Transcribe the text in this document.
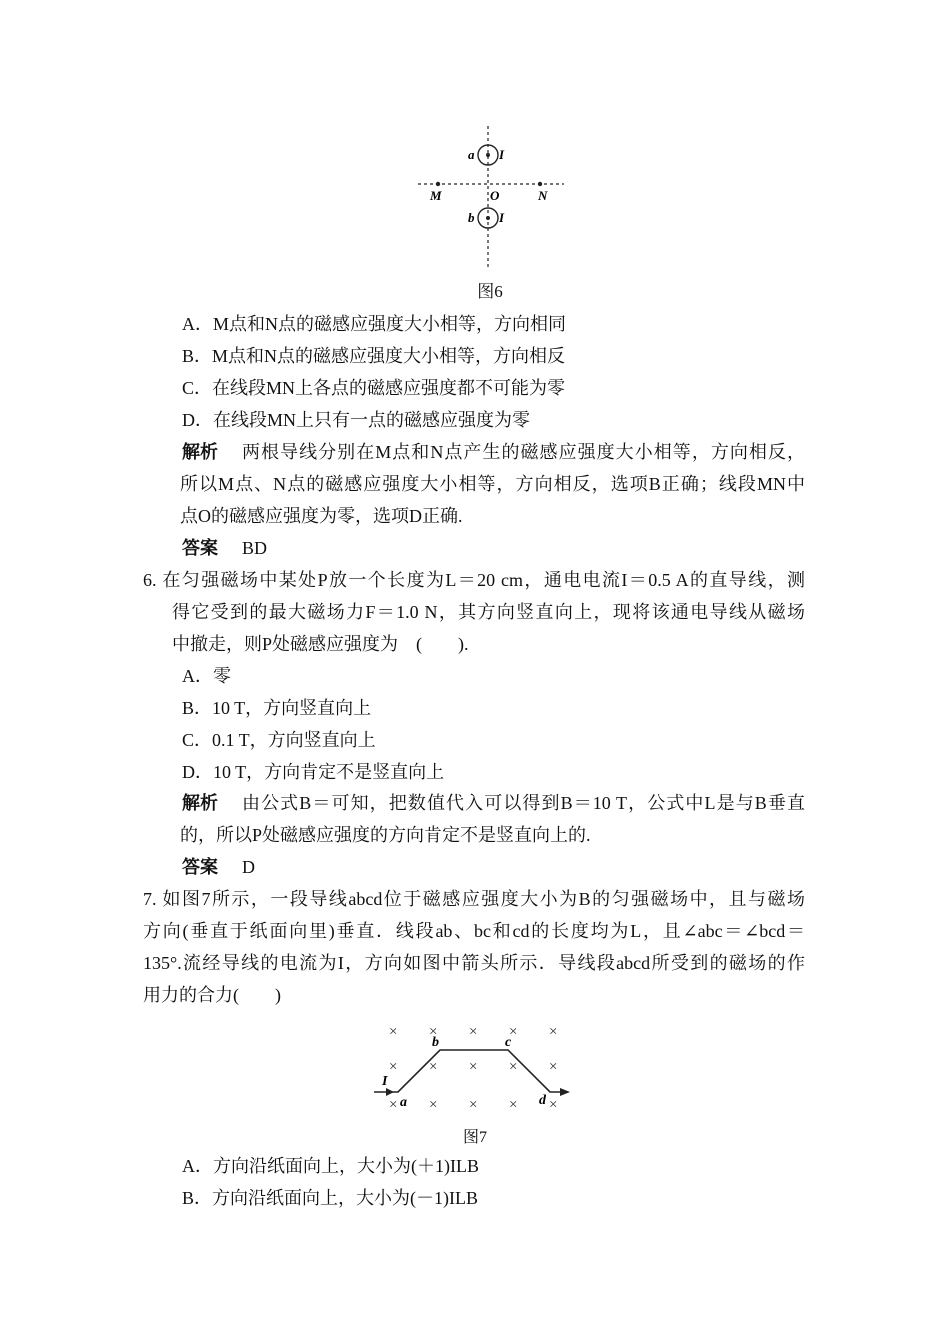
a I
b I
M	O	N
图6
A．M点和N点的磁感应强度大小相等，方向相同
B．M点和N点的磁感应强度大小相等，方向相反
C．在线段MN上各点的磁感应强度都不可能为零
D．在线段MN上只有一点的磁感应强度为零
解析 两根导线分别在M点和N点产生的磁感应强度大小相等，方向相反，
所以M点、N点的磁感应强度大小相等，方向相反，选项B正确；线段MN中
点O的磁感应强度为零，选项D正确.
答案 BD
6. 在匀强磁场中某处P放一个长度为L＝20 cm，通电电流I＝0.5 A的直导线，测
得它受到的最大磁场力F＝1.0 N，其方向竖直向上，现将该通电导线从磁场
中撤走，则P处磁感应强度为　(　　).
A．零
B．10 T，方向竖直向上
C．0.1 T，方向竖直向上
D．10 T，方向肯定不是竖直向上
解析 由公式B＝可知，把数值代入可以得到B＝10 T，公式中L是与B垂直
的，所以P处磁感应强度的方向肯定不是竖直向上的.
答案 D
7. 如图7所示，一段导线abcd位于磁感应强度大小为B的匀强磁场中，且与磁场
方向(垂直于纸面向里)垂直．线段ab、bc和cd的长度均为L，且∠abc＝∠bcd＝
135°.流经导线的电流为I，方向如图中箭头所示．导线段abcd所受到的磁场的作
用力的合力(　　)
× × × × ×
× × × × ×
× × × × ×
I
a
b	c
d
图7
A．方向沿纸面向上，大小为(＋1)ILB
B．方向沿纸面向上，大小为(－1)ILB
